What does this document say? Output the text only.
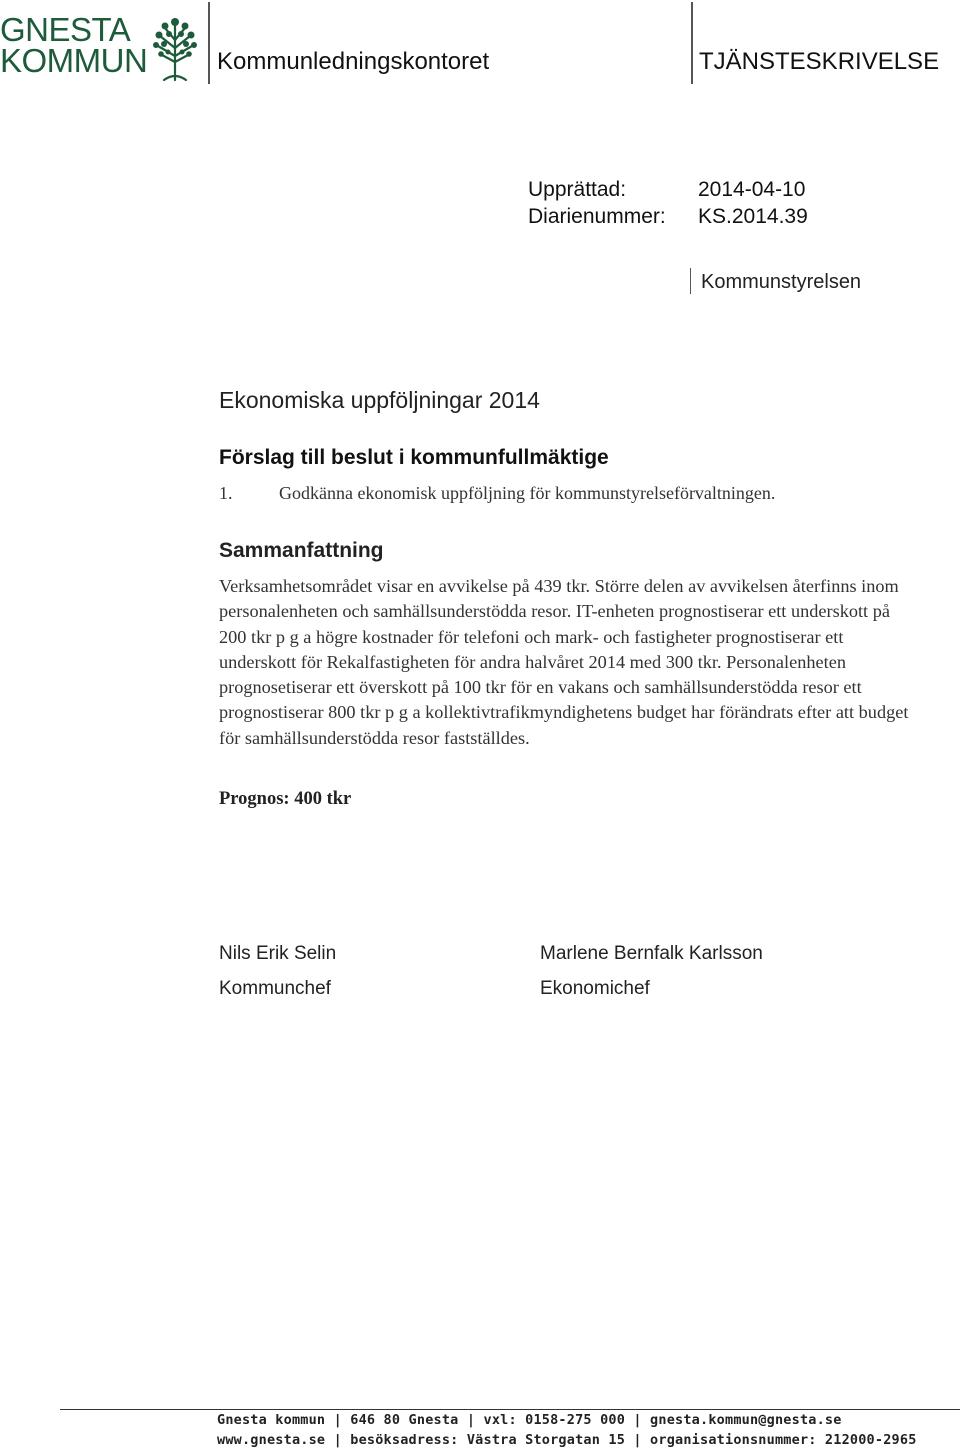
GNESTA
KOMMUN	Kommunledningskontoret	TJÄNSTESKRIVELSE
Upprättad:	2014-04-10
Diarienummer: KS.2014.39
Kommunstyrelsen
Ekonomiska uppföljningar 2014
Förslag till beslut i kommunfullmäktige
1.	Godkänna ekonomisk uppföljning för kommunstyrelseförvaltningen.
Sammanfattning

Verksamhetsområdet visar en avvikelse på 439 tkr. Större delen av avvikelsen återfinns inom personalenheten och samhällsunderstödda resor. IT-enheten prognostiserar ett underskott på 200 tkr p g a högre kostnader för telefoni och mark- och fastigheter prognostiserar ett underskott för Rekalfastigheten för andra halvåret 2014 med 300 tkr. Personalenheten prognosetiserar ett överskott på 100 tkr för en vakans och samhällsunderstödda resor ett prognostiserar 800 tkr p g a kollektivtrafikmyndighetens budget har förändrats efter att budget för samhällsunderstödda resor fastställdes.

Prognos: 400 tkr
Nils Erik Selin
Kommunchef
Marlene Bernfalk Karlsson
Ekonomichef
Gnesta kommun | 646 80 Gnesta | vxl: 0158-275 000 | gnesta.kommun@gnesta.se
www.gnesta.se | besöksadress: Västra Storgatan 15 | organisationsnummer: 212000-2965
